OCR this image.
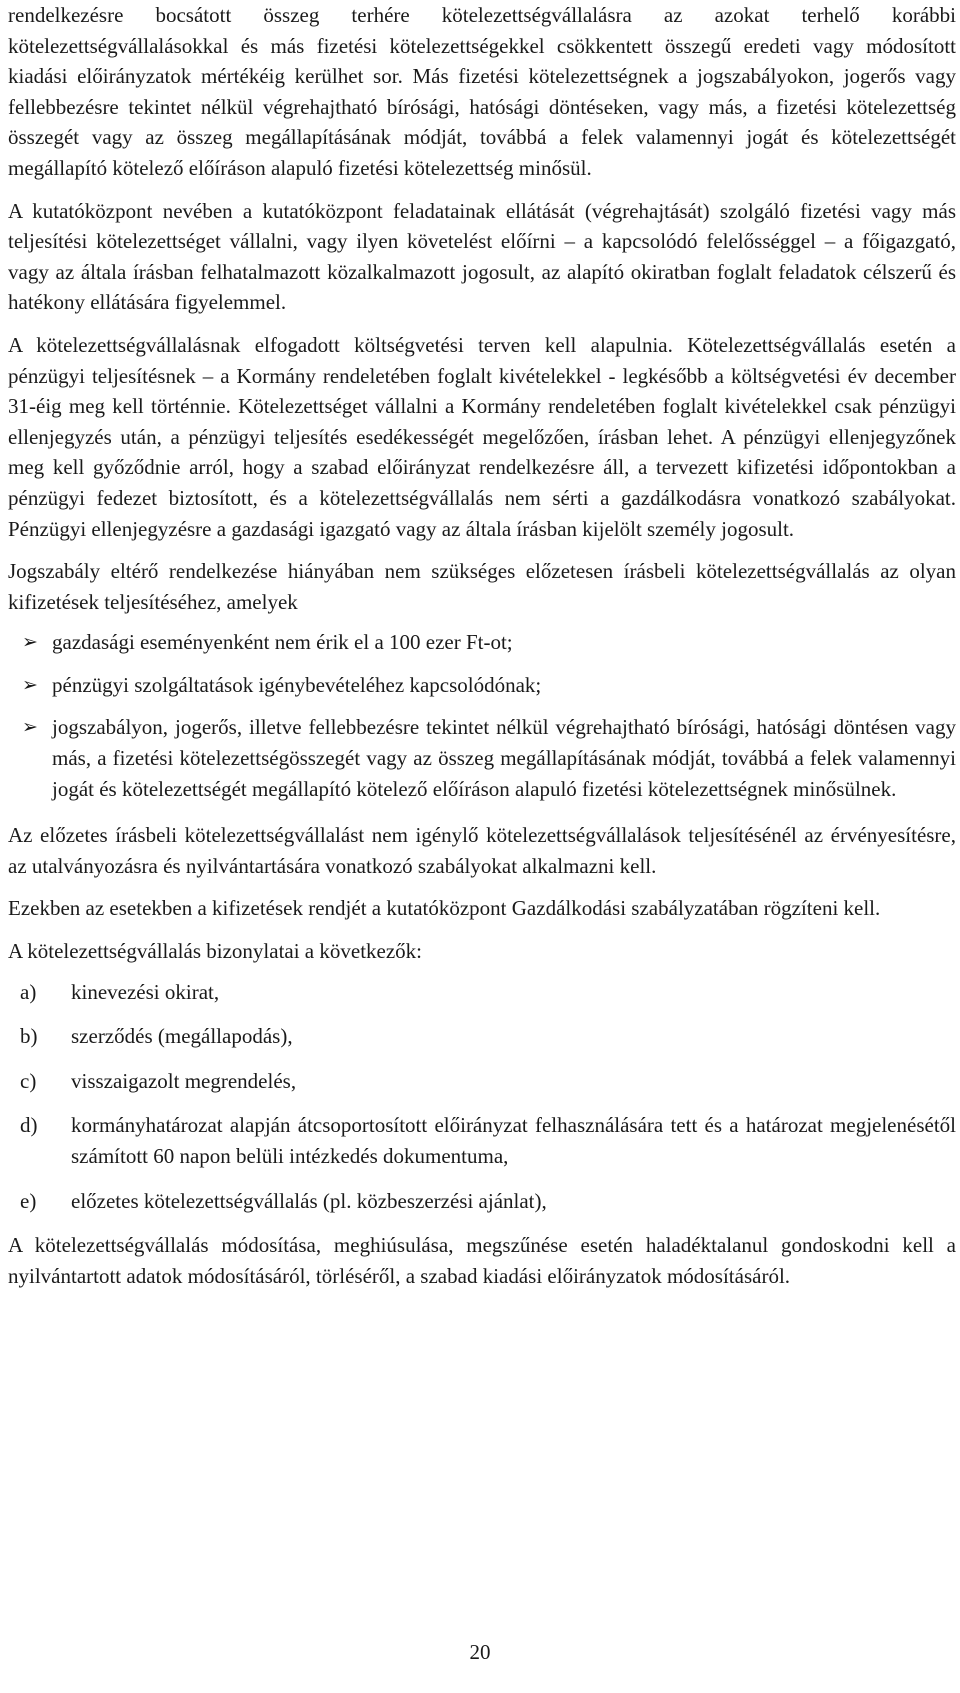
rendelkezésre bocsátott összeg terhére kötelezettségvállalásra az azokat terhelő korábbi kötelezettségvállalásokkal és más fizetési kötelezettségekkel csökkentett összegű eredeti vagy módosított kiadási előirányzatok mértékéig kerülhet sor. Más fizetési kötelezettségnek a jogszabályokon, jogerős vagy fellebbezésre tekintet nélkül végrehajtható bírósági, hatósági döntéseken, vagy más, a fizetési kötelezettség összegét vagy az összeg megállapításának módját, továbbá a felek valamennyi jogát és kötelezettségét megállapító kötelező előíráson alapuló fizetési kötelezettség minősül.

A kutatóközpont nevében a kutatóközpont feladatainak ellátását (végrehajtását) szolgáló fizetési vagy más teljesítési kötelezettséget vállalni, vagy ilyen követelést előírni – a kapcsolódó felelősséggel – a főigazgató, vagy az általa írásban felhatalmazott közalkalmazott jogosult, az alapító okiratban foglalt feladatok célszerű és hatékony ellátására figyelemmel.

A kötelezettségvállalásnak elfogadott költségvetési terven kell alapulnia. Kötelezettségvállalás esetén a pénzügyi teljesítésnek – a Kormány rendeletében foglalt kivételekkel - legkésőbb a költségvetési év december 31-éig meg kell történnie. Kötelezettséget vállalni a Kormány rendeletében foglalt kivételekkel csak pénzügyi ellenjegyzés után, a pénzügyi teljesítés esedékességét megelőzően, írásban lehet. A pénzügyi ellenjegyzőnek meg kell győződnie arról, hogy a szabad előirányzat rendelkezésre áll, a tervezett kifizetési időpontokban a pénzügyi fedezet biztosított, és a kötelezettségvállalás nem sérti a gazdálkodásra vonatkozó szabályokat. Pénzügyi ellenjegyzésre a gazdasági igazgató vagy az általa írásban kijelölt személy jogosult.

Jogszabály eltérő rendelkezése hiányában nem szükséges előzetesen írásbeli kötelezettségvállalás az olyan kifizetések teljesítéséhez, amelyek

➢ gazdasági eseményenként nem érik el a 100 ezer Ft-ot;
➢ pénzügyi szolgáltatások igénybevételéhez kapcsolódónak;
➢ jogszabályon, jogerős, illetve fellebbezésre tekintet nélkül végrehajtható bírósági, hatósági döntésen vagy más, a fizetési kötelezettségösszegét vagy az összeg megállapításának módját, továbbá a felek valamennyi jogát és kötelezettségét megállapító kötelező előíráson alapuló fizetési kötelezettségnek minősülnek.

Az előzetes írásbeli kötelezettségvállalást nem igénylő kötelezettségvállalások teljesítésénél az érvényesítésre, az utalványozásra és nyilvántartására vonatkozó szabályokat alkalmazni kell.

Ezekben az esetekben a kifizetések rendjét a kutatóközpont Gazdálkodási szabályzatában rögzíteni kell.

A kötelezettségvállalás bizonylatai a következők:

a) kinevezési okirat,
b) szerződés (megállapodás),
c) visszaigazolt megrendelés,
d) kormányhatározat alapján átcsoportosított előirányzat felhasználására tett és a határozat megjelenésétől számított 60 napon belüli intézkedés dokumentuma,
e) előzetes kötelezettségvállalás (pl. közbeszerzési ajánlat),

A kötelezettségvállalás módosítása, meghiúsulása, megszűnése esetén haladéktalanul gondoskodni kell a nyilvántartott adatok módosításáról, törléséről, a szabad kiadási előirányzatok módosításáról.

20
